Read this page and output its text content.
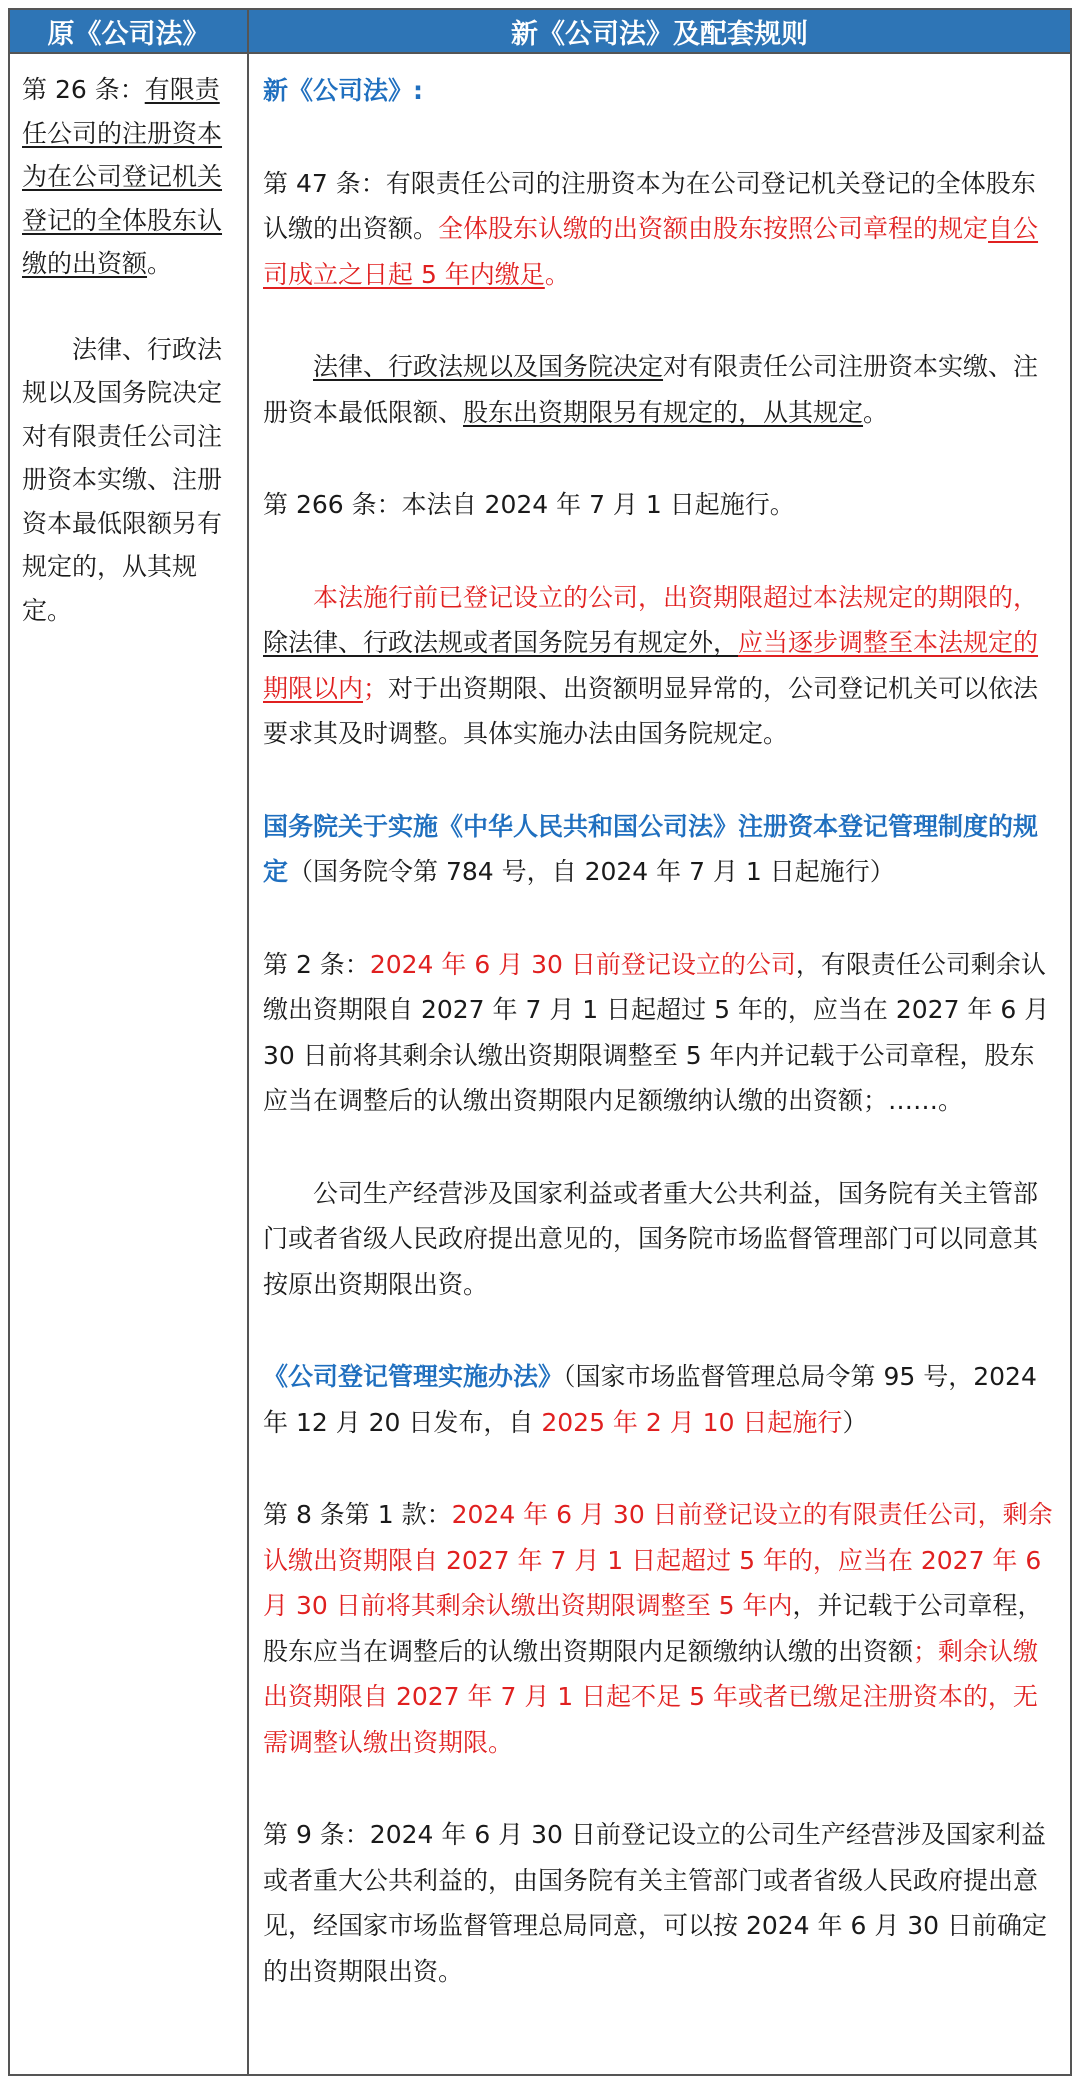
原《公司法》	新《公司法》及配套规则

第 26 条：有限责任公司的注册资本为在公司登记机关登记的全体股东认缴的出资额。

法律、行政法规以及国务院决定对有限责任公司注册资本实缴、注册资本最低限额另有规定的，从其规定。

新《公司法》:

第 47 条：有限责任公司的注册资本为在公司登记机关登记的全体股东认缴的出资额。全体股东认缴的出资额由股东按照公司章程的规定自公司成立之日起 5 年内缴足。

法律、行政法规以及国务院决定对有限责任公司注册资本实缴、注册资本最低限额、股东出资期限另有规定的，从其规定。

第 266 条：本法自 2024 年 7 月 1 日起施行。

本法施行前已登记设立的公司，出资期限超过本法规定的期限的，除法律、行政法规或者国务院另有规定外，应当逐步调整至本法规定的期限以内；对于出资期限、出资额明显异常的，公司登记机关可以依法要求其及时调整。具体实施办法由国务院规定。

国务院关于实施《中华人民共和国公司法》注册资本登记管理制度的规定（国务院令第 784 号，自 2024 年 7 月 1 日起施行）

第 2 条：2024 年 6 月 30 日前登记设立的公司，有限责任公司剩余认缴出资期限自 2027 年 7 月 1 日起超过 5 年的，应当在 2027 年 6 月 30 日前将其剩余认缴出资期限调整至 5 年内并记载于公司章程，股东应当在调整后的认缴出资期限内足额缴纳认缴的出资额；……。

公司生产经营涉及国家利益或者重大公共利益，国务院有关主管部门或者省级人民政府提出意见的，国务院市场监督管理部门可以同意其按原出资期限出资。

《公司登记管理实施办法》（国家市场监督管理总局令第 95 号，2024 年 12 月 20 日发布，自 2025 年 2 月 10 日起施行）

第 8 条第 1 款：2024 年 6 月 30 日前登记设立的有限责任公司，剩余认缴出资期限自 2027 年 7 月 1 日起超过 5 年的，应当在 2027 年 6 月 30 日前将其剩余认缴出资期限调整至 5 年内，并记载于公司章程，股东应当在调整后的认缴出资期限内足额缴纳认缴的出资额；剩余认缴出资期限自 2027 年 7 月 1 日起不足 5 年或者已缴足注册资本的，无需调整认缴出资期限。

第 9 条：2024 年 6 月 30 日前登记设立的公司生产经营涉及国家利益或者重大公共利益的，由国务院有关主管部门或者省级人民政府提出意见，经国家市场监督管理总局同意，可以按 2024 年 6 月 30 日前确定的出资期限出资。
